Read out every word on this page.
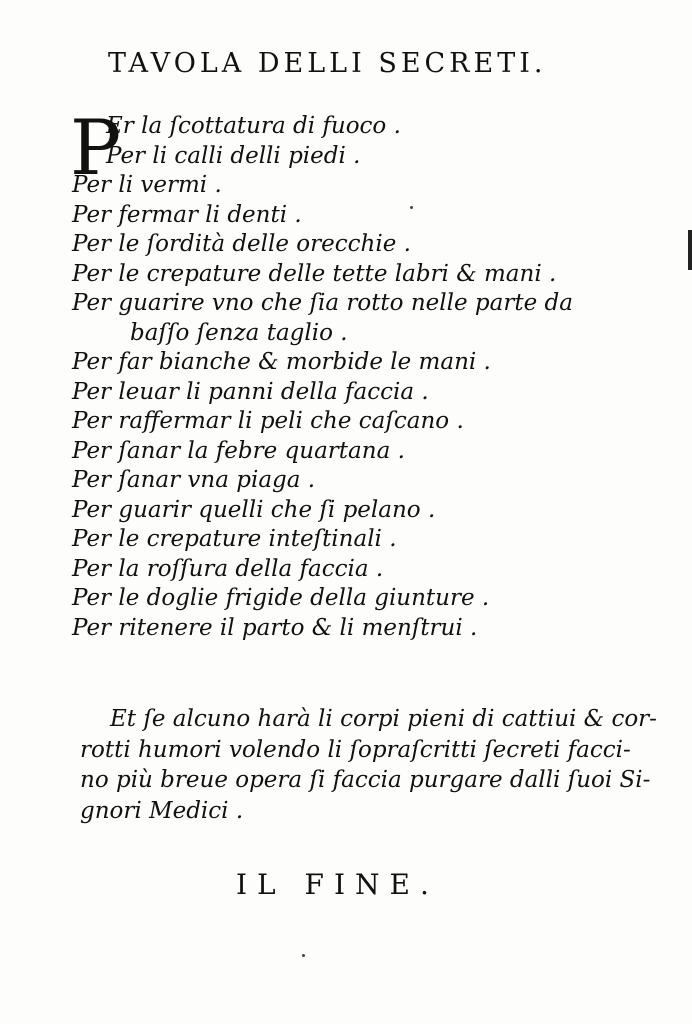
TAVOLA DELLI SECRETI.
P
Er la ſcottatura di fuoco .
Per li calli delli piedi .
Per li vermi .
Per fermar li denti .
Per le ſordità delle orecchie .
Per le crepature delle tette labri & mani .
Per guarire vno che ſia rotto nelle parte da
baſſo ſenza taglio .
Per far bianche & morbide le mani .
Per leuar li panni della faccia .
Per raffermar li peli che caſcano .
Per ſanar la febre quartana .
Per ſanar vna piaga .
Per guarir quelli che ſi pelano .
Per le crepature inteſtinali .
Per la roſſura della faccia .
Per le doglie frigide della giunture .
Per ritenere il parto & li menſtrui .
Et ſe alcuno harà li corpi pieni di cattiui & cor-
rotti humori volendo li ſopraſcritti ſecreti facci-
no più breue opera ſi faccia purgare dalli ſuoi Si-
gnori Medici .
IL FINE.
